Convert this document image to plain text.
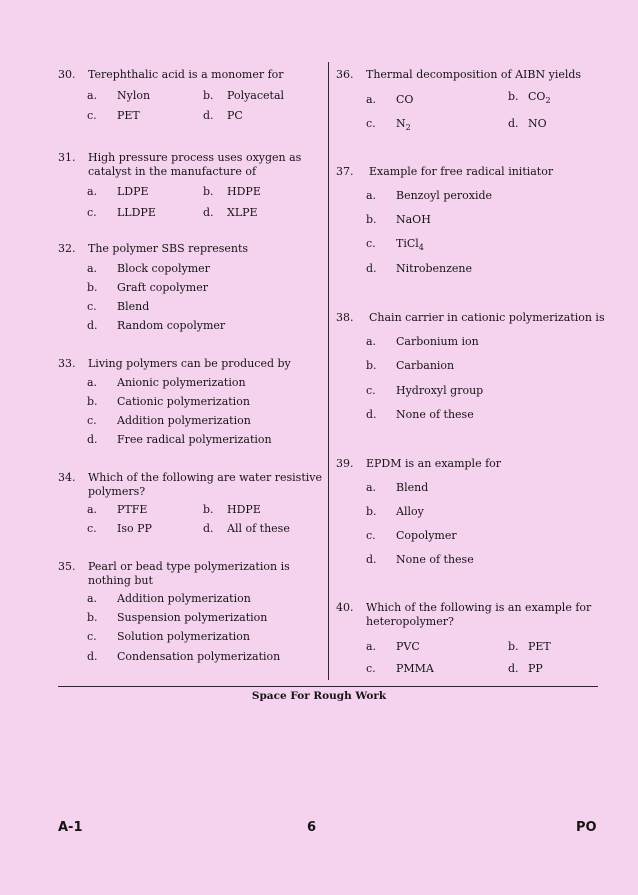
30. Terephthalic acid is a monomer for
a. Nylon	b. Polyacetal
c. PET	d. PC
31. High pressure process uses oxygen as catalyst in the manufacture of
a. LDPE	b. HDPE
c. LLDPE	d. XLPE
32. The polymer SBS represents
a. Block copolymer
b. Graft copolymer
c. Blend
d. Random copolymer
33. Living polymers can be produced by
a. Anionic polymerization
b. Cationic polymerization
c. Addition polymerization
d. Free radical polymerization
34. Which of the following are water resistive polymers?
a. PTFE	b. HDPE
c. Iso PP	d. All of these
35. Pearl or bead type polymerization is nothing but
a. Addition polymerization
b. Suspension polymerization
c. Solution polymerization
d. Condensation polymerization
36. Thermal decomposition of AIBN yields
a. CO	b. $CO_2$
c. $N_2$	d. NO
37. Example for free radical initiator
a. Benzoyl peroxide
b. NaOH
c. TiCl$_4$
d. Nitrobenzene
38. Chain carrier in cationic polymerization is
a. Carbonium ion
b. Carbanion
c. Hydroxyl group
d. None of these
39. EPDM is an example for
a. Blend
b. Alloy
c. Copolymer
d. None of these
40. Which of the following is an example for heteropolymer?
a. PVC	b. PET
c. PMMA	d. PP
Space For Rough Work
A-1	6	PO
